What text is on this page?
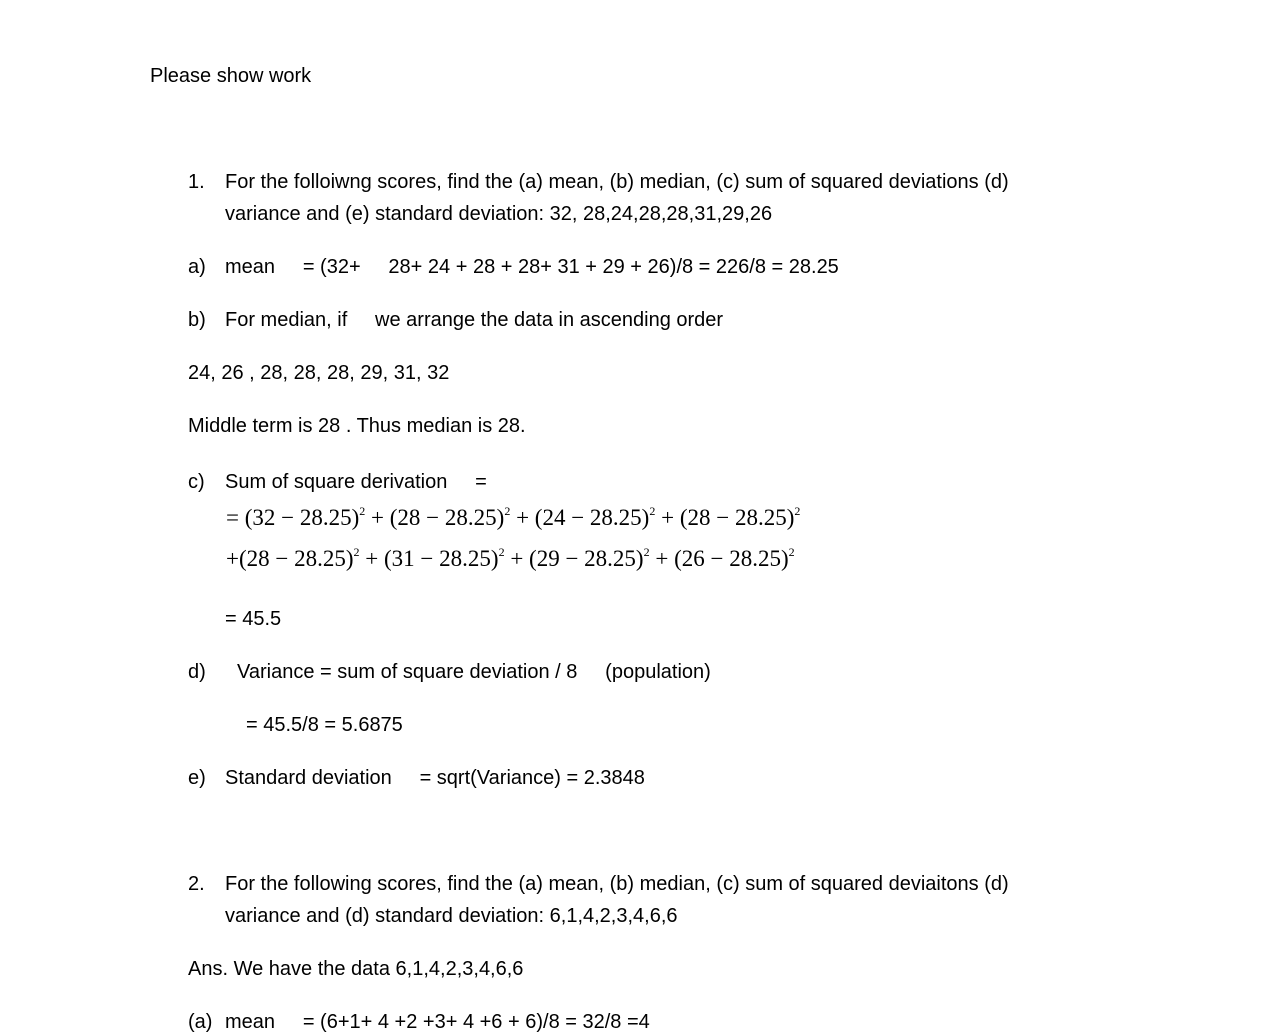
Please show work
1. For the folloiwng scores, find the (a) mean, (b) median, (c) sum of squared deviations (d)
variance and (e) standard deviation: 32, 28,24,28,28,31,29,26
a) mean     = (32+     28+ 24 + 28 + 28+ 31 + 29 + 26)/8 = 226/8 = 28.25
b) For median, if     we arrange the data in ascending order
24, 26 , 28, 28, 28, 29, 31, 32
Middle term is 28 . Thus median is 28.
c) Sum of square derivation     =
= $(32 - 28.25)^2 + (28 - 28.25)^2 + (24 - 28.25)^2 + (28 - 28.25)^2$
$+(28 - 28.25)^2 + (31 - 28.25)^2 + (29 - 28.25)^2 + (26 - 28.25)^2$
= 45.5
d) Variance = sum of square deviation / 8     (population)
= 45.5/8 = 5.6875
e) Standard deviation     = sqrt(Variance) = 2.3848
2. For the following scores, find the (a) mean, (b) median, (c) sum of squared deviaitons (d)
variance and (d) standard deviation: 6,1,4,2,3,4,6,6
Ans. We have the data 6,1,4,2,3,4,6,6
(a) mean     = (6+1+ 4 +2 +3+ 4 +6 + 6)/8 = 32/8 =4
